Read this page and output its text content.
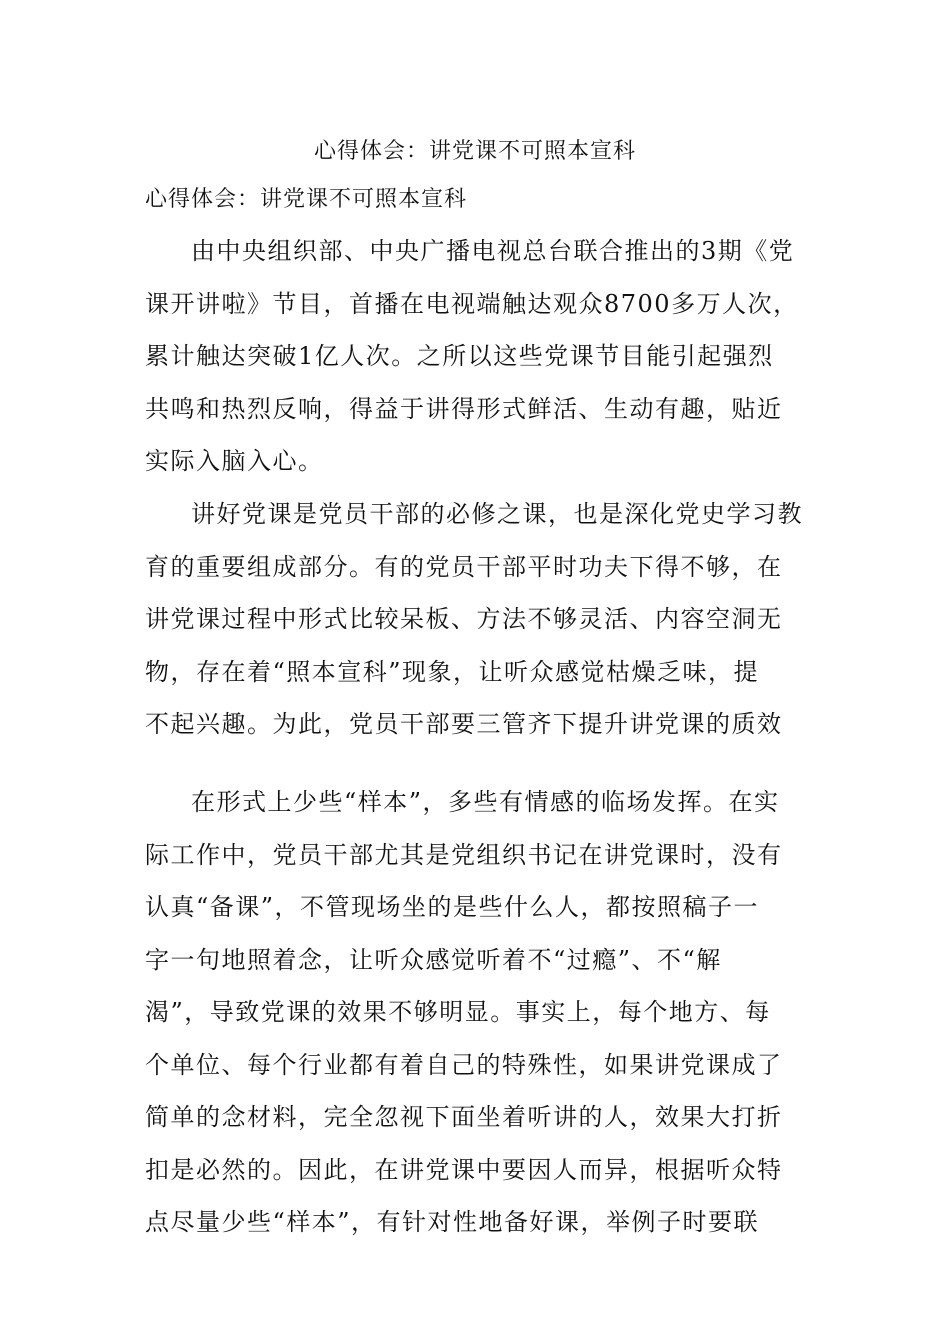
心得体会：讲党课不可照本宣科
心得体会：讲党课不可照本宣科

由中央组织部、中央广播电视总台联合推出的3期《党
课开讲啦》节目，首播在电视端触达观众8700多万人次，
累计触达突破1亿人次。之所以这些党课节目能引起强烈
共鸣和热烈反响，得益于讲得形式鲜活、生动有趣，贴近
实际入脑入心。

讲好党课是党员干部的必修之课，也是深化党史学习教
育的重要组成部分。有的党员干部平时功夫下得不够，在
讲党课过程中形式比较呆板、方法不够灵活、内容空洞无
物，存在着“照本宣科”现象，让听众感觉枯燥乏味，提
不起兴趣。为此，党员干部要三管齐下提升讲党课的质效

在形式上少些“样本”，多些有情感的临场发挥。在实
际工作中，党员干部尤其是党组织书记在讲党课时，没有
认真“备课”，不管现场坐的是些什么人，都按照稿子一
字一句地照着念，让听众感觉听着不“过瘾”、不“解
渴”，导致党课的效果不够明显。事实上，每个地方、每
个单位、每个行业都有着自己的特殊性，如果讲党课成了
简单的念材料，完全忽视下面坐着听讲的人，效果大打折
扣是必然的。因此，在讲党课中要因人而异，根据听众特
点尽量少些“样本”，有针对性地备好课，举例子时要联
